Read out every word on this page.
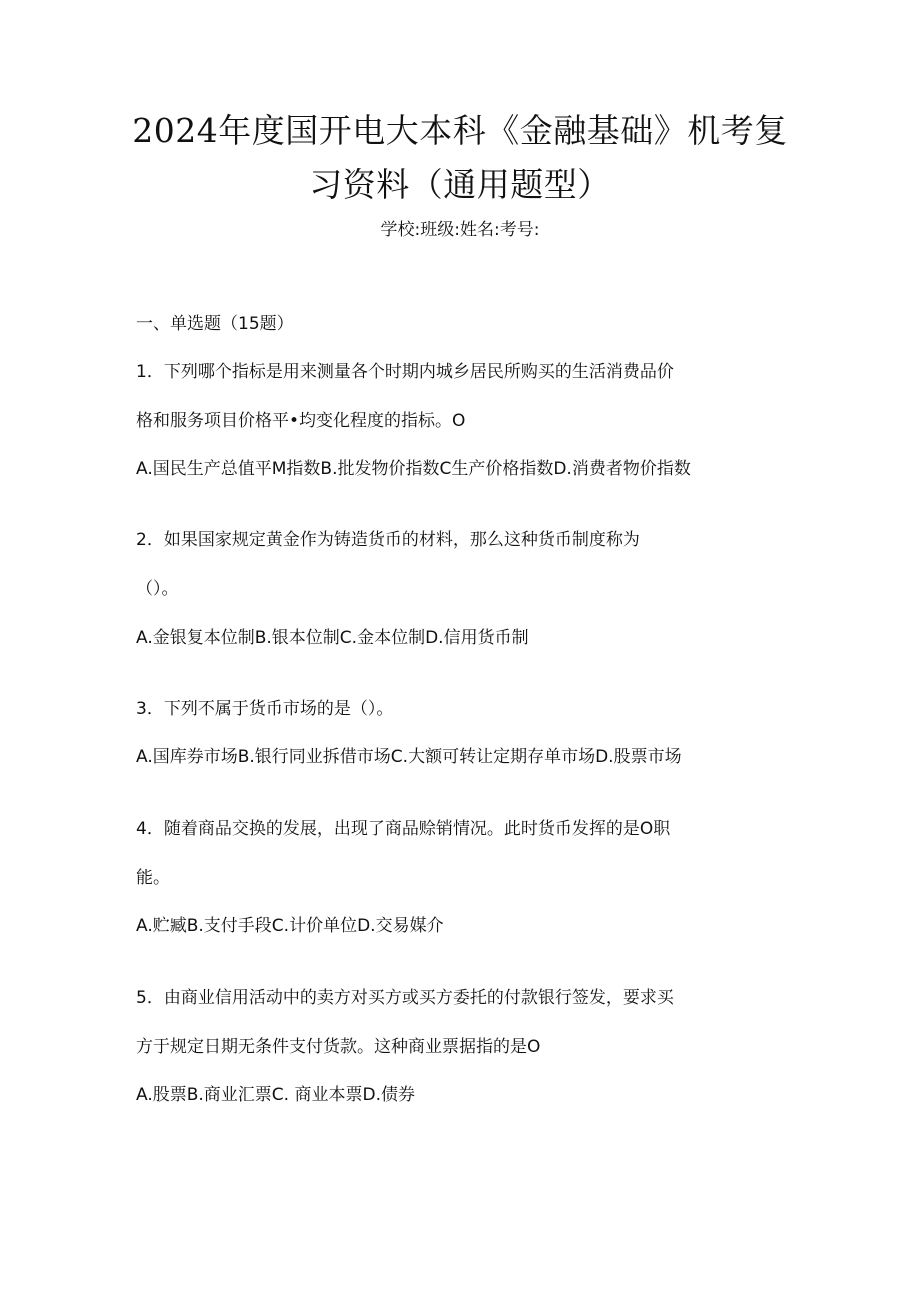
2024年度国开电大本科《金融基础》机考复
习资料（通用题型）
学校:班级:姓名:考号:
一、单选题（15题）
1．下列哪个指标是用来测量各个时期内城乡居民所购买的生活消费品价
格和服务项目价格平•均变化程度的指标。O
A.国民生产总值平M指数B.批发物价指数C生产价格指数D.消费者物价指数
2．如果国家规定黄金作为铸造货币的材料，那么这种货币制度称为
（）。
A.金银复本位制B.银本位制C.金本位制D.信用货币制
3．下列不属于货币市场的是（）。
A.国库券市场B.银行同业拆借市场C.大额可转让定期存单市场D.股票市场
4．随着商品交换的发展，出现了商品赊销情况。此时货币发挥的是O职
能。
A.贮臧B.支付手段C.计价单位D.交易媒介
5．由商业信用活动中的卖方对买方或买方委托的付款银行签发，要求买
方于规定日期无条件支付货款。这种商业票据指的是O
A.股票B.商业汇票C. 商业本票D.债券
